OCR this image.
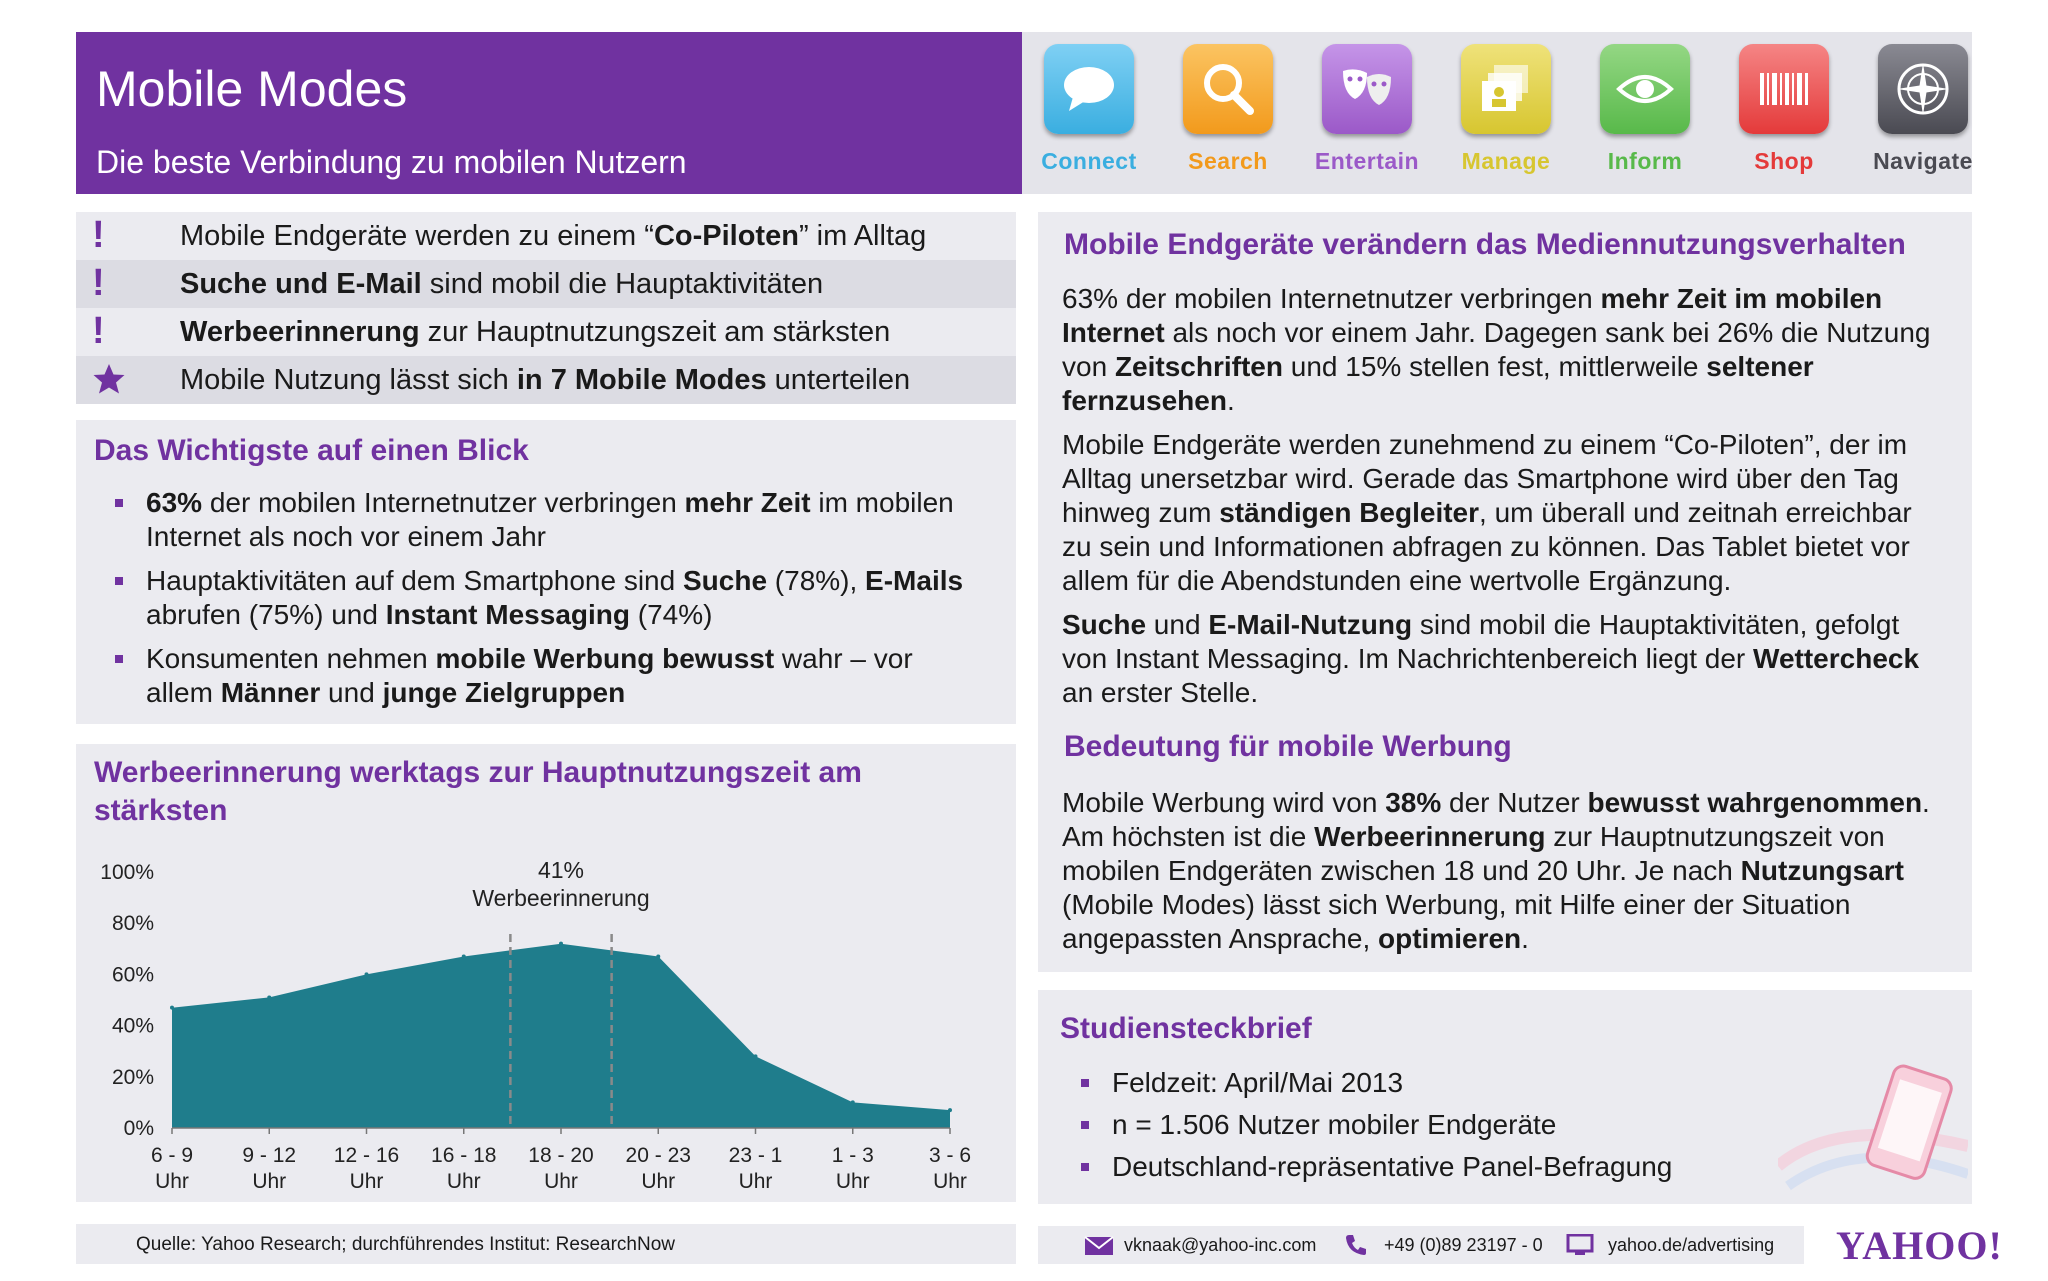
Mobile Modes
Die beste Verbindung zu mobilen Nutzern	Connect	Search	Entertain	Manage	Inform	Shop	Navigate
!	Mobile Endgeräte werden zu einem “Co-Piloten” im Alltag
!	Suche und E-Mail sind mobil die Hauptaktivitäten
!	Werbeerinnerung zur Hauptnutzungszeit am stärksten
Mobile Nutzung lässt sich in 7 Mobile Modes unterteilen
Das Wichtigste auf einen Blick
63% der mobilen Internetnutzer verbringen mehr Zeit im mobilen
Internet als noch vor einem Jahr
Hauptaktivitäten auf dem Smartphone sind Suche (78%), E-Mails
abrufen (75%) und Instant Messaging (74%)
Konsumenten nehmen mobile Werbung bewusst wahr – vor
allem Männer und junge Zielgruppen
Werbeerinnerung werktags zur Hauptnutzungszeit am
stärksten
100%
80%
60%
40%
20%
0%
6 - 9
Uhr
9 - 12
Uhr
12 - 16
Uhr
16 - 18
Uhr
18 - 20
Uhr
20 - 23
Uhr
23 - 1
Uhr
1 - 3
Uhr
3 - 6
Uhr
41%
Werbeerinnerung
Quelle: Yahoo Research; durchführendes Institut: ResearchNow
Mobile Endgeräte verändern das Mediennutzungsverhalten
63% der mobilen Internetnutzer verbringen mehr Zeit im mobilen
Internet als noch vor einem Jahr. Dagegen sank bei 26% die Nutzung
von Zeitschriften und 15% stellen fest, mittlerweile seltener
fernzusehen.
Mobile Endgeräte werden zunehmend zu einem “Co-Piloten”, der im
Alltag unersetzbar wird. Gerade das Smartphone wird über den Tag
hinweg zum ständigen Begleiter, um überall und zeitnah erreichbar
zu sein und Informationen abfragen zu können. Das Tablet bietet vor
allem für die Abendstunden eine wertvolle Ergänzung.
Suche und E-Mail-Nutzung sind mobil die Hauptaktivitäten, gefolgt
von Instant Messaging. Im Nachrichtenbereich liegt der Wettercheck
an erster Stelle.
Bedeutung für mobile Werbung
Mobile Werbung wird von 38% der Nutzer bewusst wahrgenommen.
Am höchsten ist die Werbeerinnerung zur Hauptnutzungszeit von
mobilen Endgeräten zwischen 18 und 20 Uhr. Je nach Nutzungsart
(Mobile Modes) lässt sich Werbung, mit Hilfe einer der Situation
angepassten Ansprache, optimieren.
Studiensteckbrief
Feldzeit: April/Mai 2013
n = 1.506 Nutzer mobiler Endgeräte
Deutschland-repräsentative Panel-Befragung
vknaak@yahoo-inc.com	+49 (0)89 23197 - 0	yahoo.de/advertising YAHOO!
